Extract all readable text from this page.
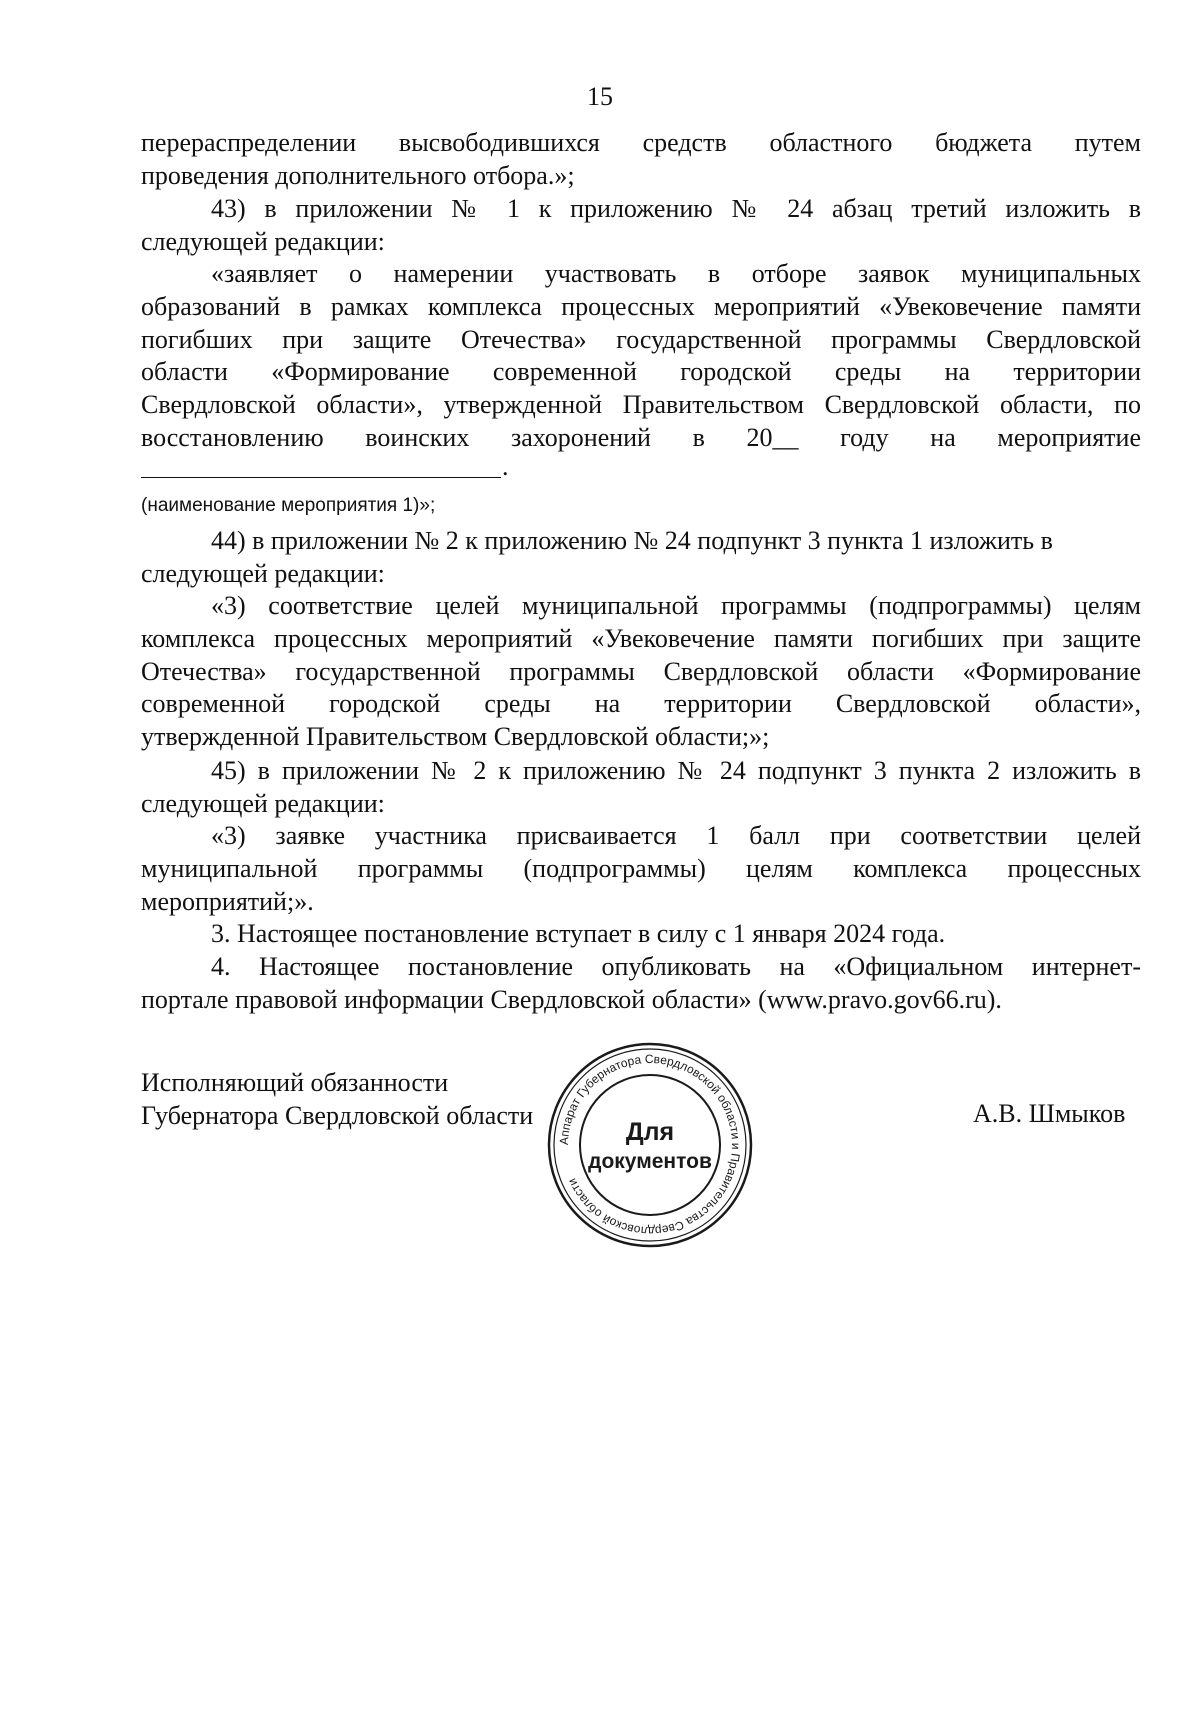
15
перераспределении высвободившихся средств областного бюджета путем
проведения дополнительного отбора.»;
43) в приложении № 1 к приложению № 24 абзац третий изложить в
следующей редакции:
«заявляет о намерении участвовать в отборе заявок муниципальных
образований в рамках комплекса процессных мероприятий «Увековечение памяти
погибших при защите Отечества» государственной программы Свердловской
области «Формирование современной городской среды на территории
Свердловской области», утвержденной Правительством Свердловской области, по
восстановлению воинских захоронений в 20__ году на мероприятие
.
(наименование мероприятия 1)»;
44) в приложении № 2 к приложению № 24 подпункт 3 пункта 1 изложить в
следующей редакции:
«3) соответствие целей муниципальной программы (подпрограммы) целям
комплекса процессных мероприятий «Увековечение памяти погибших при защите
Отечества» государственной программы Свердловской области «Формирование
современной городской среды на территории Свердловской области»,
утвержденной Правительством Свердловской области;»;
45) в приложении № 2 к приложению № 24 подпункт 3 пункта 2 изложить в
следующей редакции:
«3) заявке участника присваивается 1 балл при соответствии целей
муниципальной программы (подпрограммы) целям комплекса процессных
мероприятий;».
3. Настоящее постановление вступает в силу с 1 января 2024 года.
4. Настоящее постановление опубликовать на «Официальном интернет-
портале правовой информации Свердловской области» (www.pravo.gov66.ru).
Исполняющий обязанности
Губернатора Свердловской области	А.В. Шмыков
Аппарат Губернатора Свердловской области и Правительства Свердловской области
Для
документов
